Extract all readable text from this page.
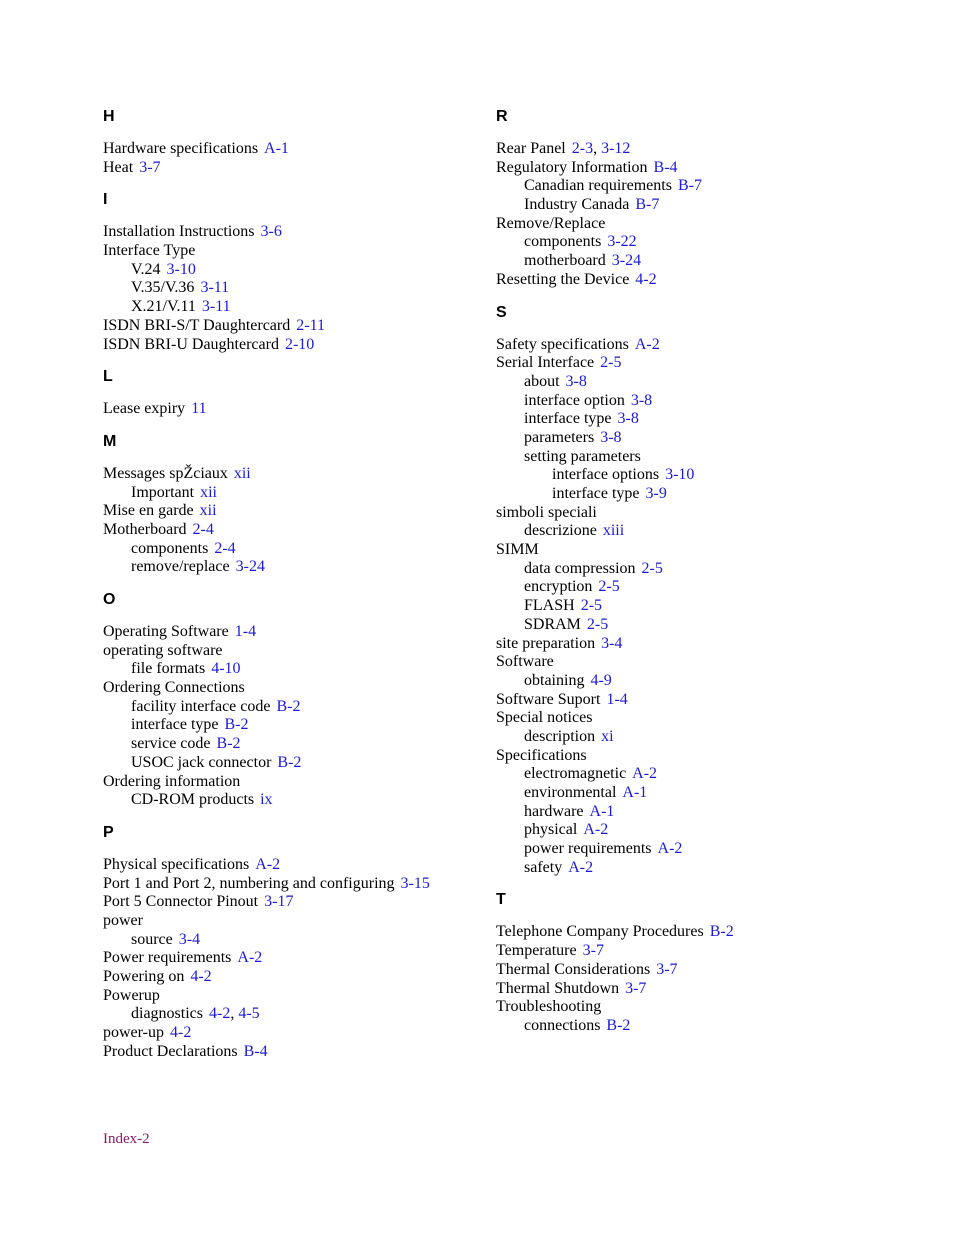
H
Hardware specifications A-1
Heat 3-7
I
Installation Instructions 3-6
Interface Type
V.24 3-10
V.35/V.36 3-11
X.21/V.11 3-11
ISDN BRI-S/T Daughtercard 2-11
ISDN BRI-U Daughtercard 2-10
L
Lease expiry 11
M
Messages spŽciaux xii
Important xii
Mise en garde xii
Motherboard 2-4
components 2-4
remove/replace 3-24
O
Operating Software 1-4
operating software
file formats 4-10
Ordering Connections
facility interface code B-2
interface type B-2
service code B-2
USOC jack connector B-2
Ordering information
CD-ROM products ix
P
Physical specifications A-2
Port 1 and Port 2, numbering and configuring 3-15
Port 5 Connector Pinout 3-17
power
source 3-4
Power requirements A-2
Powering on 4-2
Powerup
diagnostics 4-2, 4-5
power-up 4-2
Product Declarations B-4
R
Rear Panel 2-3, 3-12
Regulatory Information B-4
Canadian requirements B-7
Industry Canada B-7
Remove/Replace
components 3-22
motherboard 3-24
Resetting the Device 4-2
S
Safety specifications A-2
Serial Interface 2-5
about 3-8
interface option 3-8
interface type 3-8
parameters 3-8
setting parameters
interface options 3-10
interface type 3-9
simboli speciali
descrizione xiii
SIMM
data compression 2-5
encryption 2-5
FLASH 2-5
SDRAM 2-5
site preparation 3-4
Software
obtaining 4-9
Software Suport 1-4
Special notices
description xi
Specifications
electromagnetic A-2
environmental A-1
hardware A-1
physical A-2
power requirements A-2
safety A-2
T
Telephone Company Procedures B-2
Temperature 3-7
Thermal Considerations 3-7
Thermal Shutdown 3-7
Troubleshooting
connections B-2
Index-2
